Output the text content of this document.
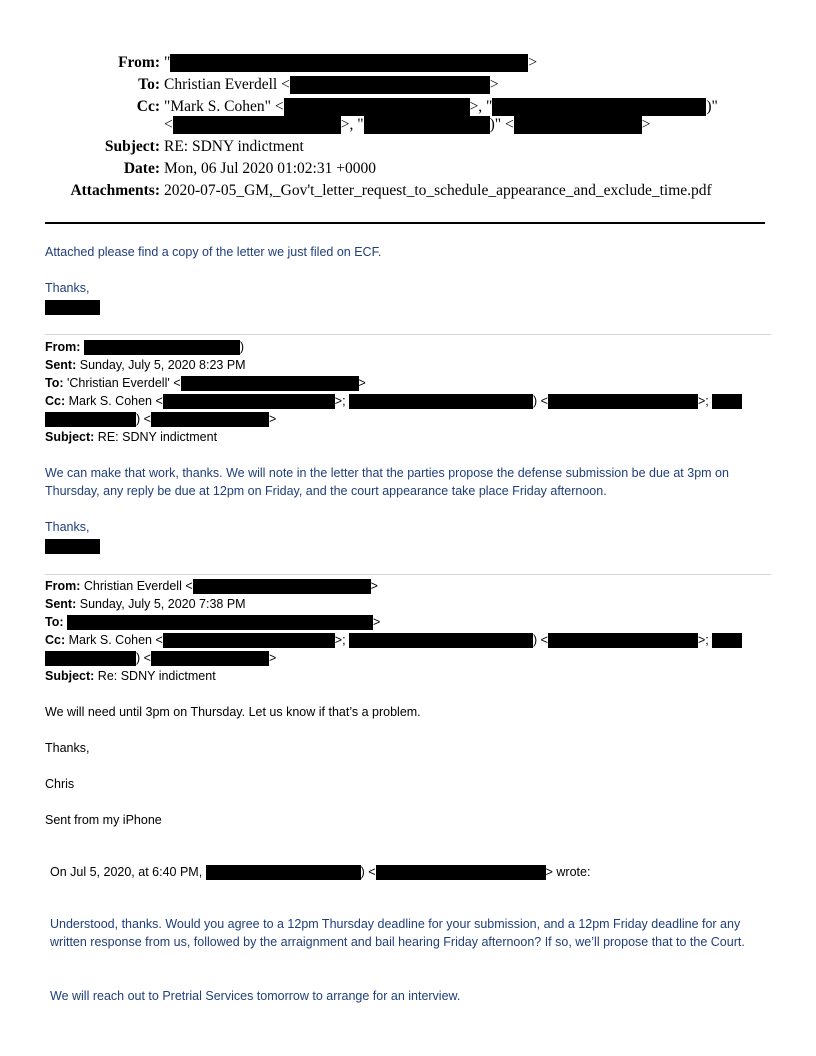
From: "	>
To: Christian Everdell <	>
Cc: "Mark S. Cohen" <	>, "	)"
<	>, "	)" <	>
Subject: RE: SDNY indictment
Date: Mon, 06 Jul 2020 01:02:31 +0000
Attachments: 2020-07-05_GM,_Gov't_letter_request_to_schedule_appearance_and_exclude_time.pdf
Attached please find a copy of the letter we just filed on ECF.
Thanks,
From:	)
Sent: Sunday, July 5, 2020 8:23 PM
To: 'Christian Everdell' <	>
Cc: Mark S. Cohen <	>;	) <	>;
) <	>
Subject: RE: SDNY indictment
We can make that work, thanks. We will note in the letter that the parties propose the defense submission be due at 3pm on Thursday, any reply be due at 12pm on Friday, and the court appearance take place Friday afternoon.
Thanks,
From: Christian Everdell <	>
Sent: Sunday, July 5, 2020 7:38 PM
To:	>
Cc: Mark S. Cohen <	>;	) <	>;
) <	>
Subject: Re: SDNY indictment
We will need until 3pm on Thursday. Let us know if that’s a problem.
Thanks,
Chris
Sent from my iPhone
On Jul 5, 2020, at 6:40 PM,	) <	> wrote:
Understood, thanks. Would you agree to a 12pm Thursday deadline for your submission, and a 12pm Friday deadline for any written response from us, followed by the arraignment and bail hearing Friday afternoon? If so, we’ll propose that to the Court.
We will reach out to Pretrial Services tomorrow to arrange for an interview.
